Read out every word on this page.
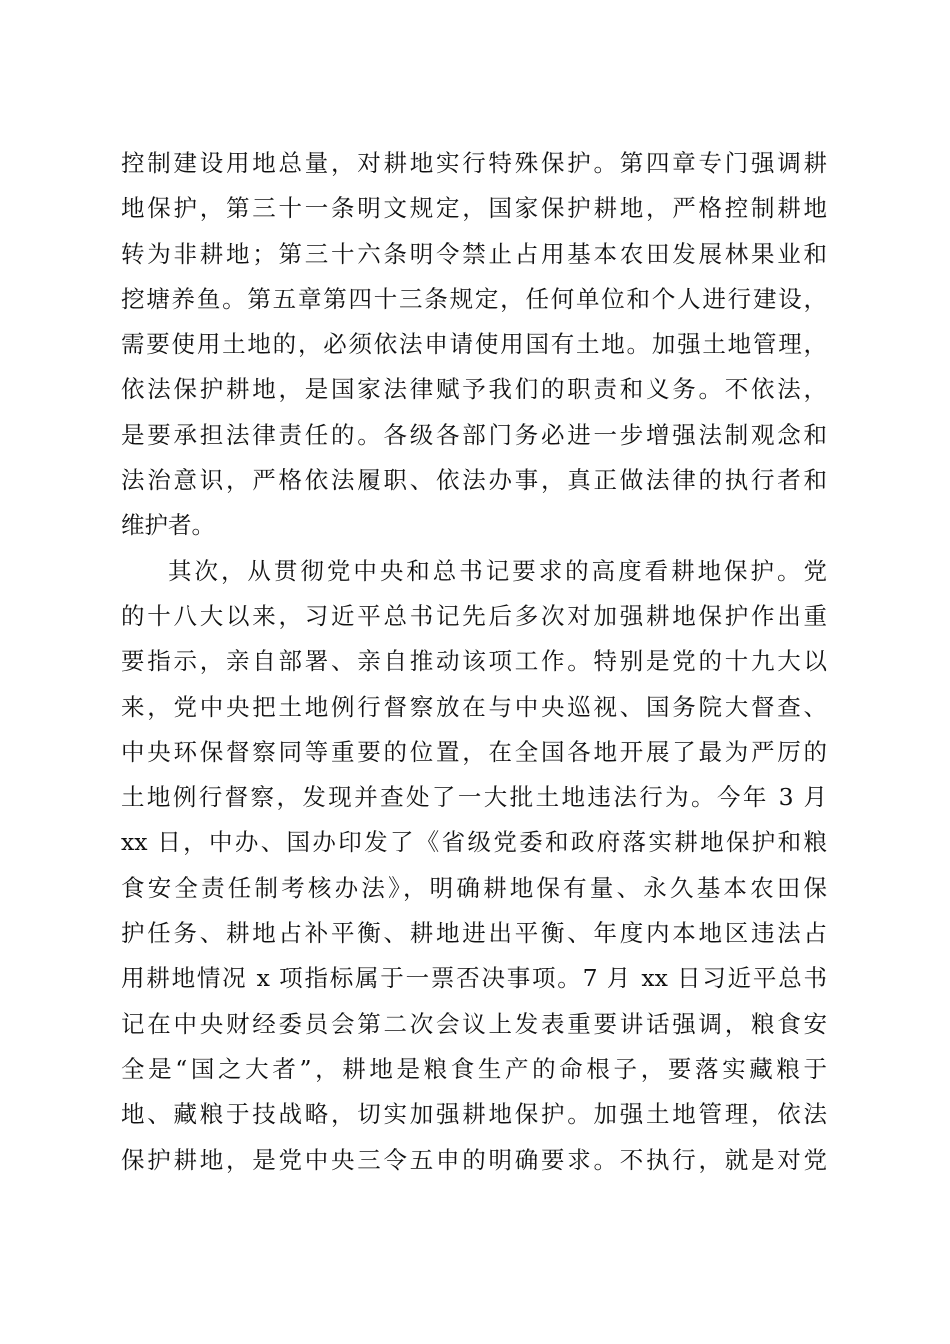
控制建设用地总量，对耕地实行特殊保护。第四章专门强调耕
地保护，第三十一条明文规定，国家保护耕地，严格控制耕地
转为非耕地；第三十六条明令禁止占用基本农田发展林果业和
挖塘养鱼。第五章第四十三条规定，任何单位和个人进行建设，
需要使用土地的，必须依法申请使用国有土地。加强土地管理，
依法保护耕地，是国家法律赋予我们的职责和义务。不依法，
是要承担法律责任的。各级各部门务必进一步增强法制观念和
法治意识，严格依法履职、依法办事，真正做法律的执行者和
维护者。
其次，从贯彻党中央和总书记要求的高度看耕地保护。党
的十八大以来，习近平总书记先后多次对加强耕地保护作出重
要指示，亲自部署、亲自推动该项工作。特别是党的十九大以
来，党中央把土地例行督察放在与中央巡视、国务院大督查、
中央环保督察同等重要的位置，在全国各地开展了最为严厉的
土地例行督察，发现并查处了一大批土地违法行为。今年 3 月
xx 日，中办、国办印发了《省级党委和政府落实耕地保护和粮
食安全责任制考核办法》，明确耕地保有量、永久基本农田保
护任务、耕地占补平衡、耕地进出平衡、年度内本地区违法占
用耕地情况 x 项指标属于一票否决事项。7 月 xx 日习近平总书
记在中央财经委员会第二次会议上发表重要讲话强调，粮食安
全是“国之大者”，耕地是粮食生产的命根子，要落实藏粮于
地、藏粮于技战略，切实加强耕地保护。加强土地管理，依法
保护耕地，是党中央三令五申的明确要求。不执行，就是对党
